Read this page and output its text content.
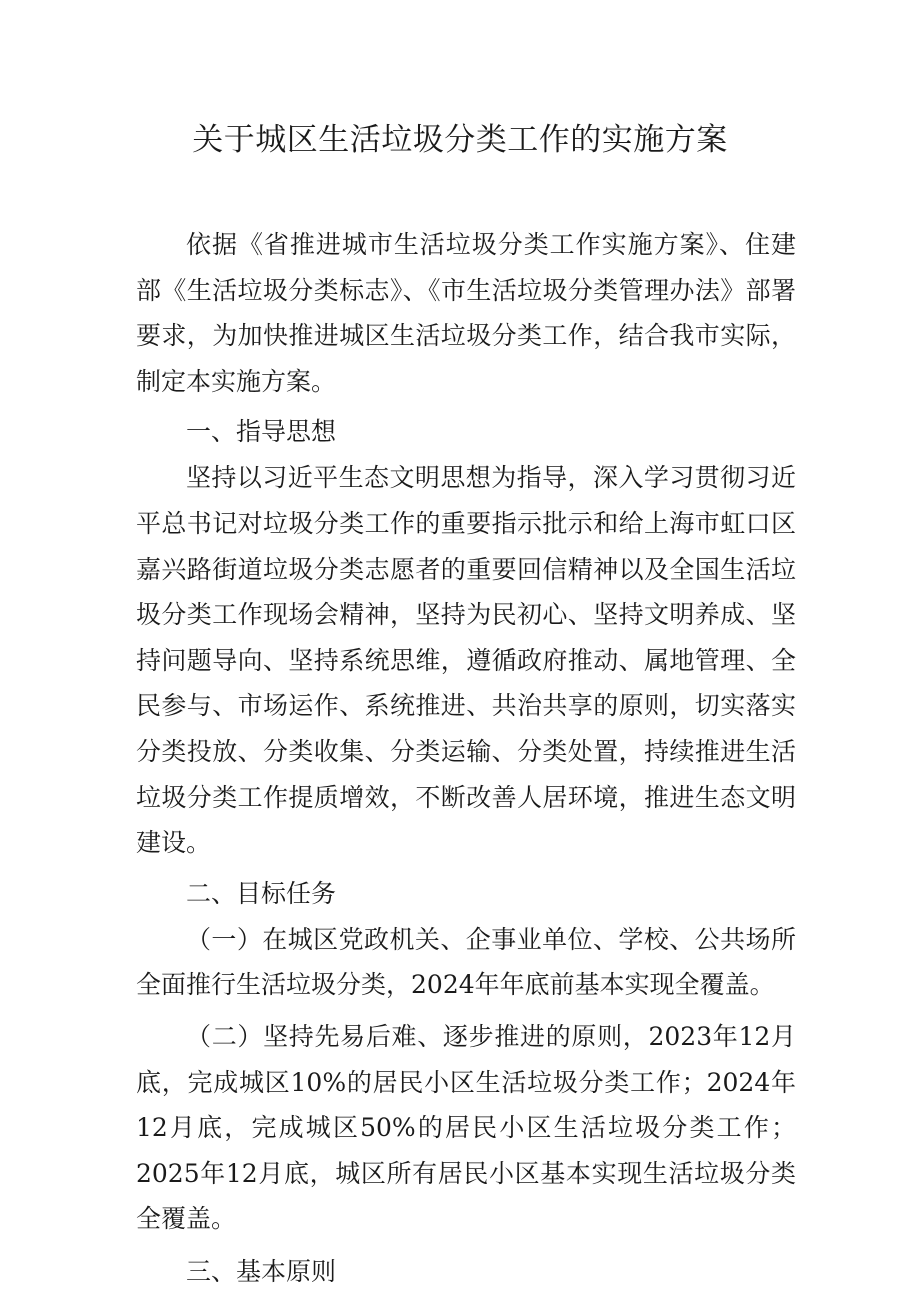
关于城区生活垃圾分类工作的实施方案

依据《省推进城市生活垃圾分类工作实施方案》、住建部《生活垃圾分类标志》、《市生活垃圾分类管理办法》部署要求，为加快推进城区生活垃圾分类工作，结合我市实际，制定本实施方案。

一、指导思想

坚持以习近平生态文明思想为指导，深入学习贯彻习近平总书记对垃圾分类工作的重要指示批示和给上海市虹口区嘉兴路街道垃圾分类志愿者的重要回信精神以及全国生活垃圾分类工作现场会精神，坚持为民初心、坚持文明养成、坚持问题导向、坚持系统思维，遵循政府推动、属地管理、全民参与、市场运作、系统推进、共治共享的原则，切实落实分类投放、分类收集、分类运输、分类处置，持续推进生活垃圾分类工作提质增效，不断改善人居环境，推进生态文明建设。

二、目标任务

（一）在城区党政机关、企事业单位、学校、公共场所全面推行生活垃圾分类，2024年年底前基本实现全覆盖。

（二）坚持先易后难、逐步推进的原则，2023年12月底，完成城区10%的居民小区生活垃圾分类工作；2024年12月底，完成城区50%的居民小区生活垃圾分类工作；2025年12月底，城区所有居民小区基本实现生活垃圾分类全覆盖。

三、基本原则
